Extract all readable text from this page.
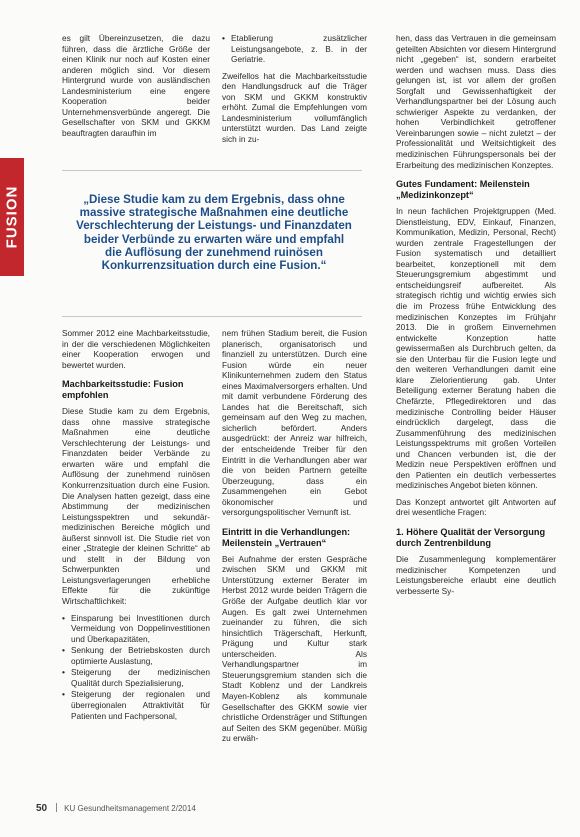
FUSION

es gilt Übereinzusetzen, die dazu führen, dass die ärztliche Größe der einen Klinik nur noch auf Kosten einer anderen möglich sind. Vor diesem Hintergrund wurde von ausländischen Landesministerium eine engere Kooperation beider Unternehmensverbünde angeregt. Die Gesellschafter von SKM und GKKM beauftragten daraufhin im

• Etablierung zusätzlicher Leistungsangebote, z. B. in der Geriatrie.

Zweifellos hat die Machbarkeitsstudie den Handlungsdruck auf die Träger von SKM und GKKM konstruktiv erhöht. Zumal die Empfehlungen vom Landesministerium vollumfänglich unterstützt wurden. Das Land zeigte sich in zu-

„Diese Studie kam zu dem Ergebnis, dass ohne massive strategische Maßnahmen eine deutliche Verschlechterung der Leistungs- und Finanzdaten beider Verbünde zu erwarten wäre und empfahl die Auflösung der zunehmend ruinösen Konkurrenzsituation durch eine Fusion.“

hen, dass das Vertrauen in die gemeinsam geteilten Absichten vor diesem Hintergrund nicht „gegeben“ ist, sondern erarbeitet werden und wachsen muss. Dass dies gelungen ist, ist vor allem der großen Sorgfalt und Gewissenhaftigkeit der Verhandlungspartner bei der Lösung auch schwieriger Aspekte zu verdanken, der hohen Verbindlichkeit getroffener Vereinbarungen sowie – nicht zuletzt – der Professionalität und Weitsichtigkeit des medizinischen Führungspersonals bei der Erarbeitung des medizinischen Konzeptes.

Gutes Fundament: Meilenstein „Medizinkonzept“

In neun fachlichen Projektgruppen (Med. Dienstleistung, EDV, Einkauf, Finanzen, Kommunikation, Medizin, Personal, Recht) wurden zentrale Fragestellungen der Fusion systematisch und detailliert bearbeitet, konzeptionell mit dem Steuerungsgremium abgestimmt und entscheidungsreif aufbereitet. Als strategisch richtig und wichtig erwies sich die im Prozess frühe Entwicklung des medizinischen Konzeptes im Frühjahr 2013. Die in großem Einvernehmen entwickelte Konzeption hatte gewissermaßen als Durchbruch gelten, da sie den Unterbau für die Fusion legte und den weiteren Verhandlungen damit eine klare Zielorientierung gab. Unter Beteiligung externer Beratung haben die Chefärzte, Pflegedirektoren und das medizinische Controlling beider Häuser eindrücklich dargelegt, dass die Zusammenführung des medizinischen Leistungsspektrums mit großen Vorteilen und Chancen verbunden ist, die der Medizin neue Perspektiven eröffnen und den Patienten ein deutlich verbessertes medizinisches Angebot bieten können.

Das Konzept antwortet gilt Antworten auf drei wesentliche Fragen:

1. Höhere Qualität der Versorgung durch Zentrenbildung

Die Zusammenlegung komplementärer medizinischer Kompetenzen und Leistungsbereiche erlaubt eine deutlich verbesserte Sy-

Sommer 2012 eine Machbarkeitsstudie, in der die verschiedenen Möglichkeiten einer Kooperation erwogen und bewertet wurden.

Machbarkeitsstudie: Fusion empfohlen

Diese Studie kam zu dem Ergebnis, dass ohne massive strategische Maßnahmen eine deutliche Verschlechterung der Leistungs- und Finanzdaten beider Verbände zu erwarten wäre und empfahl die Auflösung der zunehmend ruinösen Konkurrenzsituation durch eine Fusion. Die Analysen hatten gezeigt, dass eine Abstimmung der medizinischen Leistungsspektren und sekundär-medizinischen Bereiche möglich und äußerst sinnvoll ist. Die Studie riet von einer „Strategie der kleinen Schritte“ ab und stellt in der Bildung von Schwerpunkten und Leistungsverlagerungen erhebliche Effekte für die zukünftige Wirtschaftlichkeit:

• Einsparung bei Investitionen durch Vermeidung von Doppelinvestitionen und Überkapazitäten,
• Senkung der Betriebskosten durch optimierte Auslastung,
• Steigerung der medizinischen Qualität durch Spezialisierung,
• Steigerung der regionalen und überregionalen Attraktivität für Patienten und Fachpersonal,

nem frühen Stadium bereit, die Fusion planerisch, organisatorisch und finanziell zu unterstützen. Durch eine Fusion würde ein neuer Klinikunternehmen zudem den Status eines Maximalversorgers erhalten. Und mit damit verbundene Förderung des Landes hat die Bereitschaft, sich gemeinsam auf den Weg zu machen, sicherlich befördert. Anders ausgedrückt: der Anreiz war hilfreich, der entscheidende Treiber für den Eintritt in die Verhandlungen aber war die von beiden Partnern geteilte Überzeugung, dass ein Zusammengehen ein Gebot ökonomischer und versorgungspolitischer Vernunft ist.

Eintritt in die Verhandlungen: Meilenstein „Vertrauen“

Bei Aufnahme der ersten Gespräche zwischen SKM und GKKM mit Unterstützung externer Berater im Herbst 2012 wurde beiden Trägern die Größe der Aufgabe deutlich klar vor Augen. Es galt zwei Unternehmen zueinander zu führen, die sich hinsichtlich Trägerschaft, Herkunft, Prägung und Kultur stark unterscheiden. Als Verhandlungspartner im Steuerungsgremium standen sich die Stadt Koblenz und der Landkreis Mayen-Koblenz als kommunale Gesellschafter des GKKM sowie vier christliche Ordensträger und Stiftungen auf Seiten des SKM gegenüber. Müßig zu erwäh-

50 KU Gesundheitsmanagement 2/2014
